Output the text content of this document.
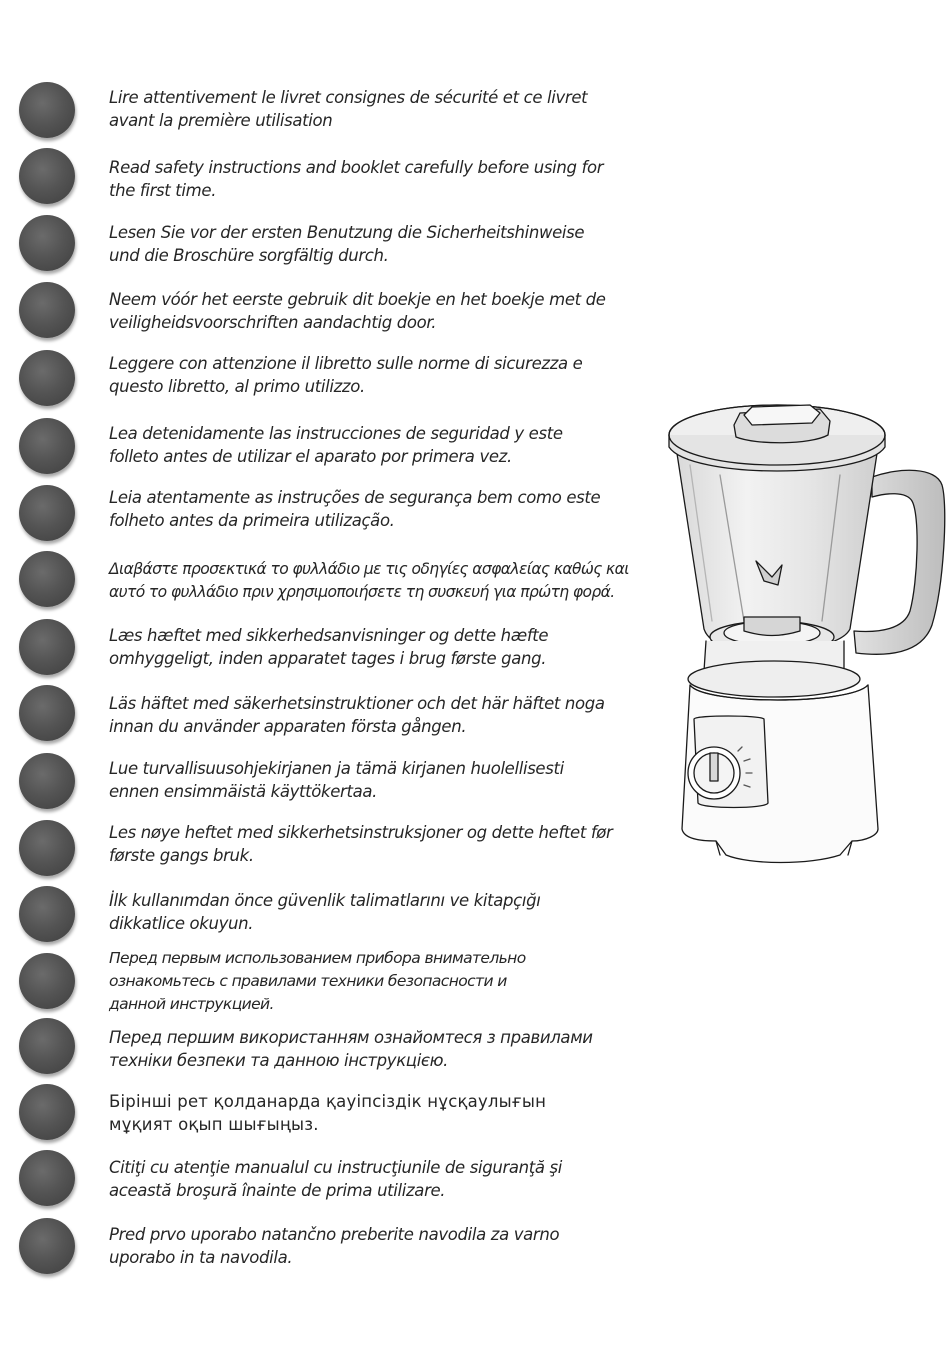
Lire attentivement le livret consignes de sécurité et ce livret
avant la première utilisation
Read safety instructions and booklet carefully before using for
the first time.
Lesen Sie vor der ersten Benutzung die Sicherheitshinweise
und die Broschüre sorgfältig durch.
Neem vóór het eerste gebruik dit boekje en het boekje met de
veiligheidsvoorschriften aandachtig door.
Leggere con attenzione il libretto sulle norme di sicurezza e
questo libretto, al primo utilizzo.
Lea detenidamente las instrucciones de seguridad y este
folleto antes de utilizar el aparato por primera vez.
Leia atentamente as instruções de segurança bem como este
folheto antes da primeira utilização.
Διαβάστε προσεκτικά το φυλλάδιο με τις οδηγίες ασφαλείας καθώς και
αυτό το φυλλάδιο πριν χρησιμοποιήσετε τη συσκευή για πρώτη φορά.
Læs hæftet med sikkerhedsanvisninger og dette hæfte
omhyggeligt, inden apparatet tages i brug første gang.
Läs häftet med säkerhetsinstruktioner och det här häftet noga
innan du använder apparaten första gången.
Lue turvallisuusohjekirjanen ja tämä kirjanen huolellisesti
ennen ensimmäistä käyttökertaa.
Les nøye heftet med sikkerhetsinstruksjoner og dette heftet før
første gangs bruk.
İlk kullanımdan önce güvenlik talimatlarını ve kitapçığı
dikkatlice okuyun.
Перед первым использованием прибора внимательно
ознакомьтесь с правилами техники безопасности и
данной инструкцией.
Перед першим використанням ознайомтеся з правилами
техніки безпеки та данною інструкцією.
Бірінші рет қолданарда қауіпсіздік нұсқаулығын
мұқият оқып шығыңыз.
Citiţi cu atenţie manualul cu instrucţiunile de siguranţă şi
această broşură înainte de prima utilizare.
Pred prvo uporabo natančno preberite navodila za varno
uporabo in ta navodila.
